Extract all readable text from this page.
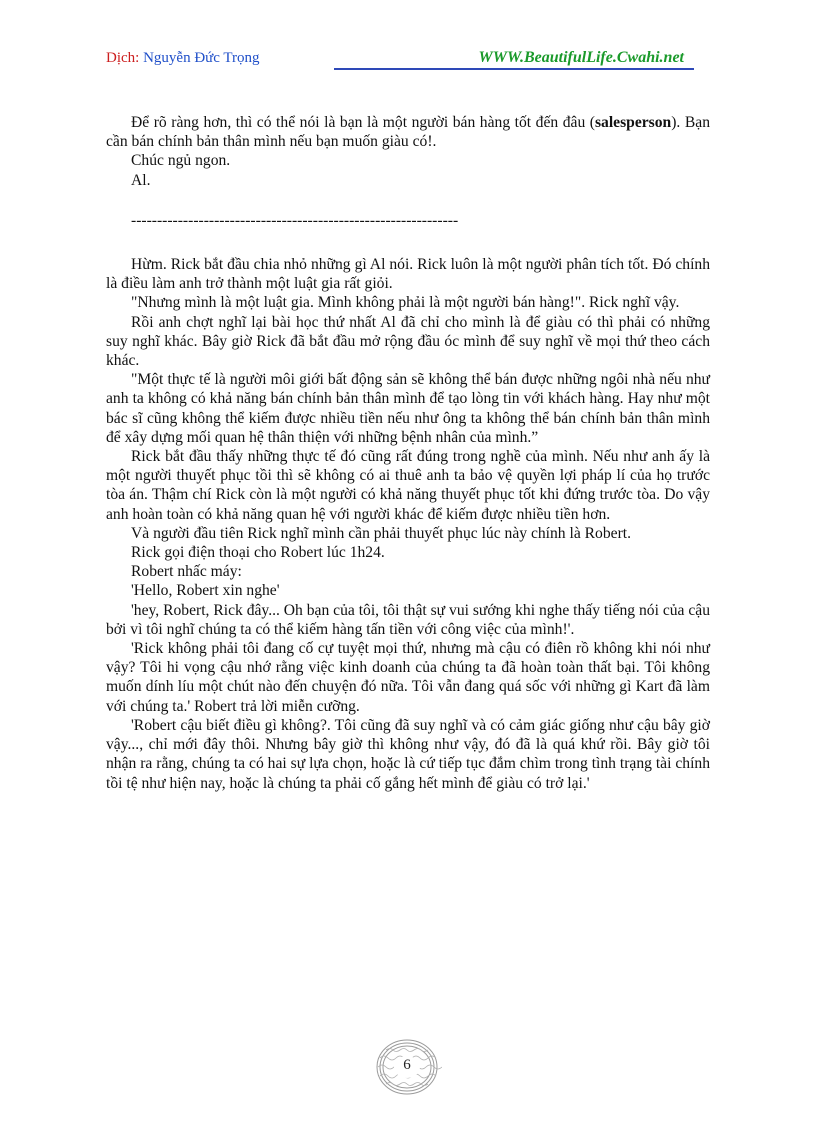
Dịch: Nguyễn Đức Trọng	WWW.BeautifulLife.Cwahi.net

Để rõ ràng hơn, thì có thể nói là bạn là một người bán hàng tốt đến đâu (salesperson). Bạn cần bán chính bản thân mình nếu bạn muốn giàu có!.

Chúc ngủ ngon.

Al.

---------------------------------------------------------------

Hừm. Rick bắt đầu chia nhỏ những gì Al nói. Rick luôn là một người phân tích tốt. Đó chính là điều làm anh trở thành một luật gia rất giỏi.

"Nhưng mình là một luật gia. Mình không phải là một người bán hàng!". Rick nghĩ vậy.

Rồi anh chợt nghĩ lại bài học thứ nhất Al đã chỉ cho mình là để giàu có thì phải có những suy nghĩ khác. Bây giờ Rick đã bắt đầu mở rộng đầu óc mình để suy nghĩ về mọi thứ theo cách khác.

"Một thực tế là người môi giới bất động sản sẽ không thể bán được những ngôi nhà nếu như anh ta không có khả năng bán chính bản thân mình để tạo lòng tin với khách hàng. Hay như một bác sĩ cũng không thể kiếm được nhiều tiền nếu như ông ta không thể bán chính bản thân mình để xây dựng mối quan hệ thân thiện với những bệnh nhân của mình.”

Rick bắt đầu thấy những thực tế đó cũng rất đúng trong nghề của mình. Nếu như anh ấy là một người thuyết phục tồi thì sẽ không có ai thuê anh ta bảo vệ quyền lợi pháp lí của họ trước tòa án. Thậm chí Rick còn là một người có khả năng thuyết phục tốt khi đứng trước tòa. Do vậy anh hoàn toàn có khả năng quan hệ với người khác để kiếm được nhiều tiền hơn.

Và người đầu tiên Rick nghĩ mình cần phải thuyết phục lúc này chính là Robert.

Rick gọi điện thoại cho Robert lúc 1h24.

Robert nhấc máy:

'Hello, Robert xin nghe'

'hey, Robert, Rick đây... Oh bạn của tôi, tôi thật sự vui sướng khi nghe thấy tiếng nói của cậu bởi vì tôi nghĩ chúng ta có thể kiếm hàng tấn tiền với công việc của mình!'.

'Rick không phải tôi đang cố cự tuyệt mọi thứ, nhưng mà cậu có điên rồ không khi nói như vậy? Tôi hi vọng cậu nhớ rằng việc kinh doanh của chúng ta đã hoàn toàn thất bại. Tôi không muốn dính líu một chút nào đến chuyện đó nữa. Tôi vẫn đang quá sốc với những gì Kart đã làm với chúng ta.' Robert trả lời miễn cưỡng.

'Robert cậu biết điều gì không?. Tôi cũng đã suy nghĩ và có cảm giác giống như cậu bây giờ vậy..., chỉ mới đây thôi. Nhưng bây giờ thì không như vậy, đó đã là quá khứ rồi. Bây giờ tôi nhận ra rằng, chúng ta có hai sự lựa chọn, hoặc là cứ tiếp tục đắm chìm trong tình trạng tài chính tồi tệ như hiện nay, hoặc là chúng ta phải cố gắng hết mình để giàu có trở lại.'

6
